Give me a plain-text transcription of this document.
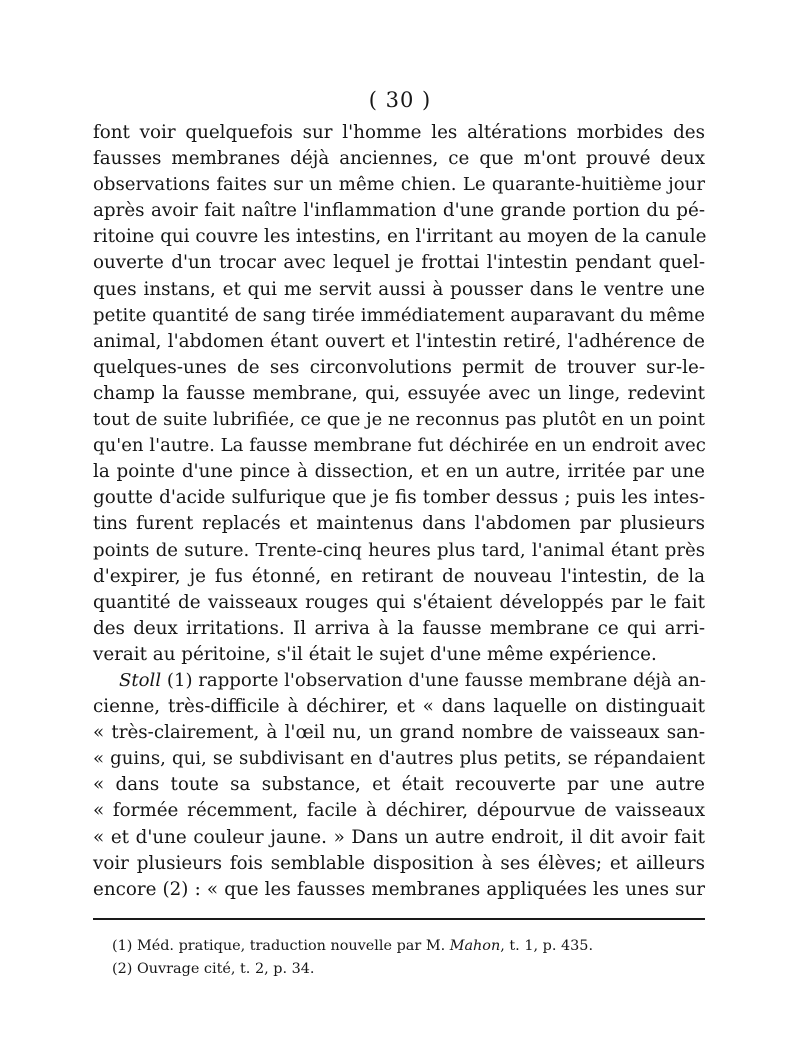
( 30 )
font voir quelquefois sur l'homme les altérations morbides des
fausses membranes déjà anciennes, ce que m'ont prouvé deux
observations faites sur un même chien. Le quarante-huitième jour
après avoir fait naître l'inflammation d'une grande portion du pé-
ritoine qui couvre les intestins, en l'irritant au moyen de la canule
ouverte d'un trocar avec lequel je frottai l'intestin pendant quel-
ques instans, et qui me servit aussi à pousser dans le ventre une
petite quantité de sang tirée immédiatement auparavant du même
animal, l'abdomen étant ouvert et l'intestin retiré, l'adhérence de
quelques-unes de ses circonvolutions permit de trouver sur-le-
champ la fausse membrane, qui, essuyée avec un linge, redevint
tout de suite lubrifiée, ce que je ne reconnus pas plutôt en un point
qu'en l'autre. La fausse membrane fut déchirée en un endroit avec
la pointe d'une pince à dissection, et en un autre, irritée par une
goutte d'acide sulfurique que je fis tomber dessus ; puis les intes-
tins furent replacés et maintenus dans l'abdomen par plusieurs
points de suture. Trente-cinq heures plus tard, l'animal étant près
d'expirer, je fus étonné, en retirant de nouveau l'intestin, de la
quantité de vaisseaux rouges qui s'étaient développés par le fait
des deux irritations. Il arriva à la fausse membrane ce qui arri-
verait au péritoine, s'il était le sujet d'une même expérience.
Stoll (1) rapporte l'observation d'une fausse membrane déjà an-
cienne, très-difficile à déchirer, et « dans laquelle on distinguait
« très-clairement, à l'œil nu, un grand nombre de vaisseaux san-
« guins, qui, se subdivisant en d'autres plus petits, se répandaient
« dans toute sa substance, et était recouverte par une autre
« formée récemment, facile à déchirer, dépourvue de vaisseaux
« et d'une couleur jaune. » Dans un autre endroit, il dit avoir fait
voir plusieurs fois semblable disposition à ses élèves; et ailleurs
encore (2) : « que les fausses membranes appliquées les unes sur
(1) Méd. pratique, traduction nouvelle par M. Mahon, t. 1, p. 435.
(2) Ouvrage cité, t. 2, p. 34.
